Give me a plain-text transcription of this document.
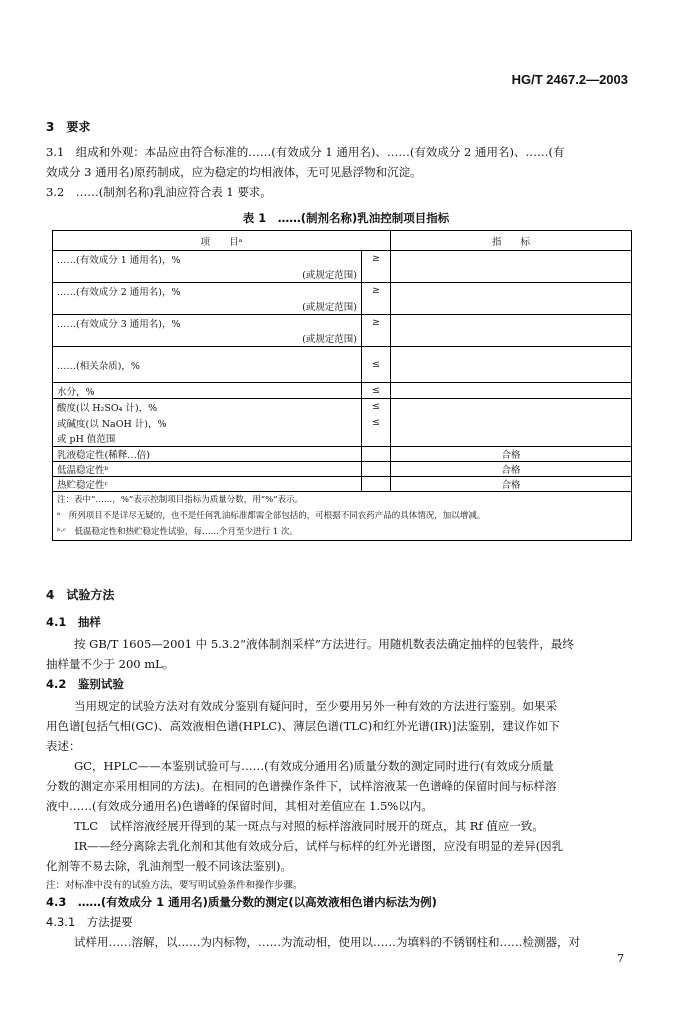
HG/T 2467.2—2003
3　要求
3.1　组成和外观：本品应由符合标准的……(有效成分 1 通用名)、……(有效成分 2 通用名)、……(有
效成分 3 通用名)原药制成，应为稳定的均相液体，无可见悬浮物和沉淀。
3.2　……(制剂名称)乳油应符合表 1 要求。
表 1　……(制剂名称)乳油控制项目指标
项　　目ᵃ		指　　标
……(有效成分 1 通用名)，%	≥	
(或规定范围)		
……(有效成分 2 通用名)，%	≥	
(或规定范围)		
……(有效成分 3 通用名)，%	≥	
(或规定范围)		
……(相关杂质)，%	≤	
水分，%	≤	
酸度(以 H₂SO₄ 计)，%	≤	
或碱度(以 NaOH 计)，%	≤	
或 pH 值范围		
乳液稳定性(稀释…倍)		合格
低温稳定性ᵇ		合格
热贮稳定性ᶜ		合格
注：表中“……，%”表示控制项目指标为质量分数，用“%”表示。		
ᵃ　所列项目不是详尽无疑的，也不是任何乳油标准都需全部包括的，可根据不同农药产品的具体情况，加以增减。		
ᵇ·ᶜ　低温稳定性和热贮稳定性试验，每……个月至少进行 1 次。		
4　试验方法
4.1　抽样
按 GB/T 1605—2001 中 5.3.2“液体制剂采样”方法进行。用随机数表法确定抽样的包装件，最终
抽样量不少于 200 mL。
4.2　鉴别试验
当用规定的试验方法对有效成分鉴别有疑问时，至少要用另外一种有效的方法进行鉴别。如果采
用色谱[包括气相(GC)、高效液相色谱(HPLC)、薄层色谱(TLC)和红外光谱(IR)]法鉴别，建议作如下
表述：
GC，HPLC——本鉴别试验可与……(有效成分通用名)质量分数的测定同时进行(有效成分质量
分数的测定亦采用相同的方法)。在相同的色谱操作条件下，试样溶液某一色谱峰的保留时间与标样溶
液中……(有效成分通用名)色谱峰的保留时间，其相对差值应在 1.5%以内。
TLC　试样溶液经展开得到的某一斑点与对照的标样溶液同时展开的斑点，其 Rf 值应一致。
IR——经分离除去乳化剂和其他有效成分后，试样与标样的红外光谱图，应没有明显的差异(因乳
化剂等不易去除，乳油剂型一般不同该法鉴别)。
注：对标准中没有的试验方法，要写明试验条件和操作步骤。
4.3　……(有效成分 1 通用名)质量分数的测定(以高效液相色谱内标法为例)
4.3.1　方法提要
试样用……溶解，以……为内标物，……为流动相，使用以……为填料的不锈钢柱和……检测器，对
7
